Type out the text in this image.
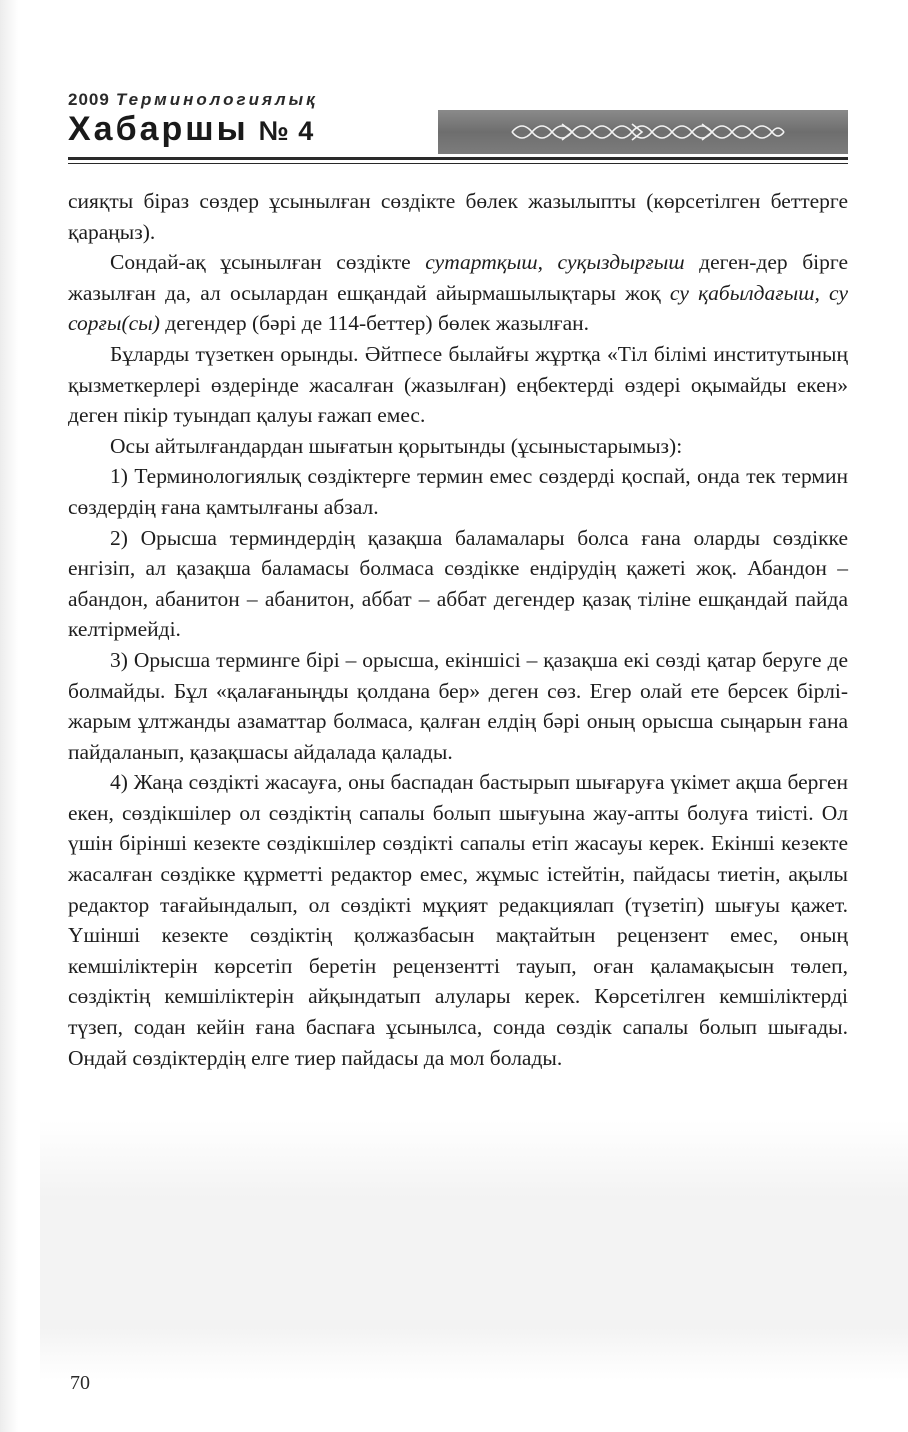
2009 Терминологиялық
Хабаршы № 4

сияқты біраз сөздер ұсынылған сөздікте бөлек жазылыпты (көрсетілген беттерге қараңыз).

Сондай-ақ ұсынылған сөздікте сутартқыш, суқыздырғыш деген-дер бірге жазылған да, ал осылардан ешқандай айырмашылықтары жоқ су қабылдағыш, су сорғы(сы) дегендер (бәрі де 114-беттер) бөлек жазылған.

Бұларды түзеткен орынды. Әйтпесе былайғы жұртқа «Тіл білімі институтының қызметкерлері өздерінде жасалған (жазылған) еңбектерді өздері оқымайды екен» деген пікір туындап қалуы ғажап емес.

Осы айтылғандардан шығатын қорытынды (ұсыныстарымыз):

1) Терминологиялық сөздіктерге термин емес сөздерді қоспай, онда тек термин сөздердің ғана қамтылғаны абзал.

2) Орысша терминдердің қазақша баламалары болса ғана оларды сөздікке енгізіп, ал қазақша баламасы болмаса сөздікке ендірудің қажеті жоқ. Абандон – абандон, абанитон – абанитон, аббат – аббат дегендер қазақ тіліне ешқандай пайда келтірмейді.

3) Орысша терминге бірі – орысша, екіншісі – қазақша екі сөзді қатар беруге де болмайды. Бұл «қалағаныңды қолдана бер» деген сөз. Егер олай ете берсек бірлі-жарым ұлтжанды азаматтар болмаса, қалған елдің бәрі оның орысша сыңарын ғана пайдаланып, қазақшасы айдалада қалады.

4) Жаңа сөздікті жасауға, оны баспадан бастырып шығаруға үкімет ақша берген екен, сөздікшілер ол сөздіктің сапалы болып шығуына жау-апты болуға тиісті. Ол үшін бірінші кезекте сөздікшілер сөздікті сапалы етіп жасауы керек. Екінші кезекте жасалған сөздікке құрметті редактор емес, жұмыс істейтін, пайдасы тиетін, ақылы редактор тағайындалып, ол сөздікті мұқият редакциялап (түзетіп) шығуы қажет. Үшінші кезекте сөздіктің қолжазбасын мақтайтын рецензент емес, оның кемшіліктерін көрсетіп беретін рецензентті тауып, оған қаламақысын төлеп, сөздіктің кемшіліктерін айқындатып алулары керек. Көрсетілген кемшіліктерді түзеп, содан кейін ғана баспаға ұсынылса, сонда сөздік сапалы болып шығады. Ондай сөздіктердің елге тиер пайдасы да мол болады.

70
